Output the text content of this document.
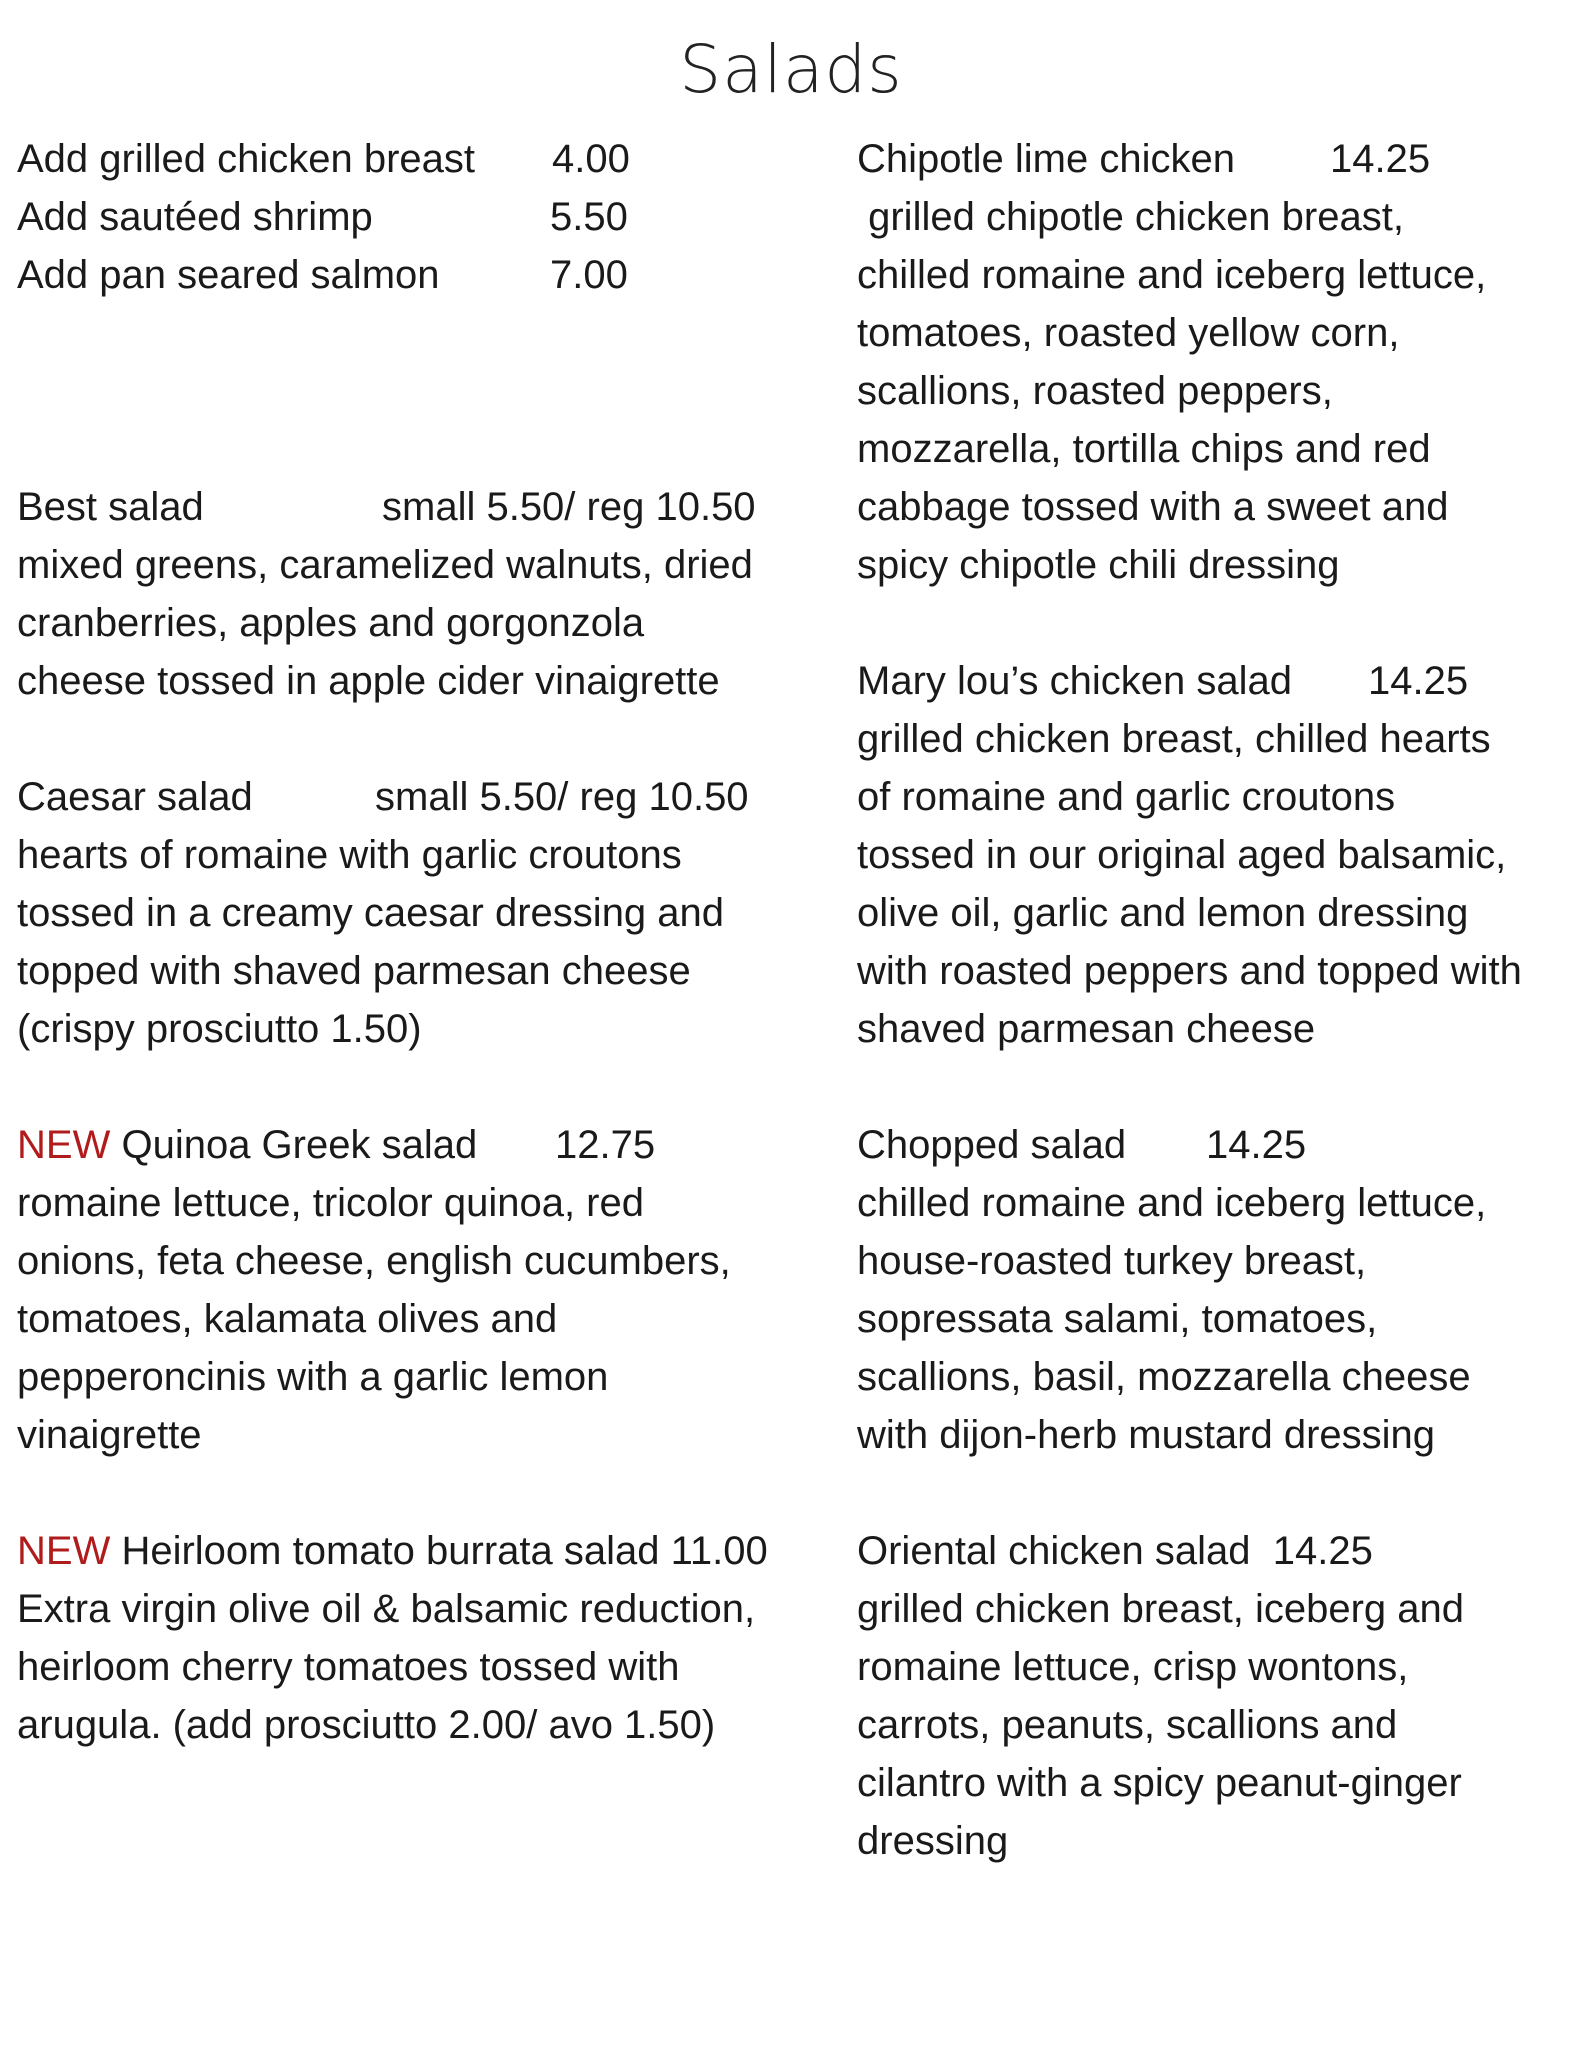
Salads
Add grilled chicken breast 4.00
Add sautéed shrimp	5.50
Add pan seared salmon	7.00
Best salad	small 5.50/ reg 10.50
mixed greens, caramelized walnuts, dried
cranberries, apples and gorgonzola
cheese tossed in apple cider vinaigrette
Caesar salad	small 5.50/ reg 10.50
hearts of romaine with garlic croutons
tossed in a creamy caesar dressing and
topped with shaved parmesan cheese
(crispy prosciutto 1.50)
NEW Quinoa Greek salad 12.75
romaine lettuce, tricolor quinoa, red
onions, feta cheese, english cucumbers,
tomatoes, kalamata olives and
pepperoncinis with a garlic lemon
vinaigrette
NEW Heirloom tomato burrata salad 11.00
Extra virgin olive oil & balsamic reduction,
heirloom cherry tomatoes tossed with
arugula. (add prosciutto 2.00/ avo 1.50)
Chipotle lime chicken 14.25
grilled chipotle chicken breast,
chilled romaine and iceberg lettuce,
tomatoes, roasted yellow corn,
scallions, roasted peppers,
mozzarella, tortilla chips and red
cabbage tossed with a sweet and
spicy chipotle chili dressing
Mary lou’s chicken salad 14.25
grilled chicken breast, chilled hearts
of romaine and garlic croutons
tossed in our original aged balsamic,
olive oil, garlic and lemon dressing
with roasted peppers and topped with
shaved parmesan cheese
Chopped salad 14.25
chilled romaine and iceberg lettuce,
house-roasted turkey breast,
sopressata salami, tomatoes,
scallions, basil, mozzarella cheese
with dijon-herb mustard dressing
Oriental chicken salad 14.25
grilled chicken breast, iceberg and
romaine lettuce, crisp wontons,
carrots, peanuts, scallions and
cilantro with a spicy peanut-ginger
dressing
